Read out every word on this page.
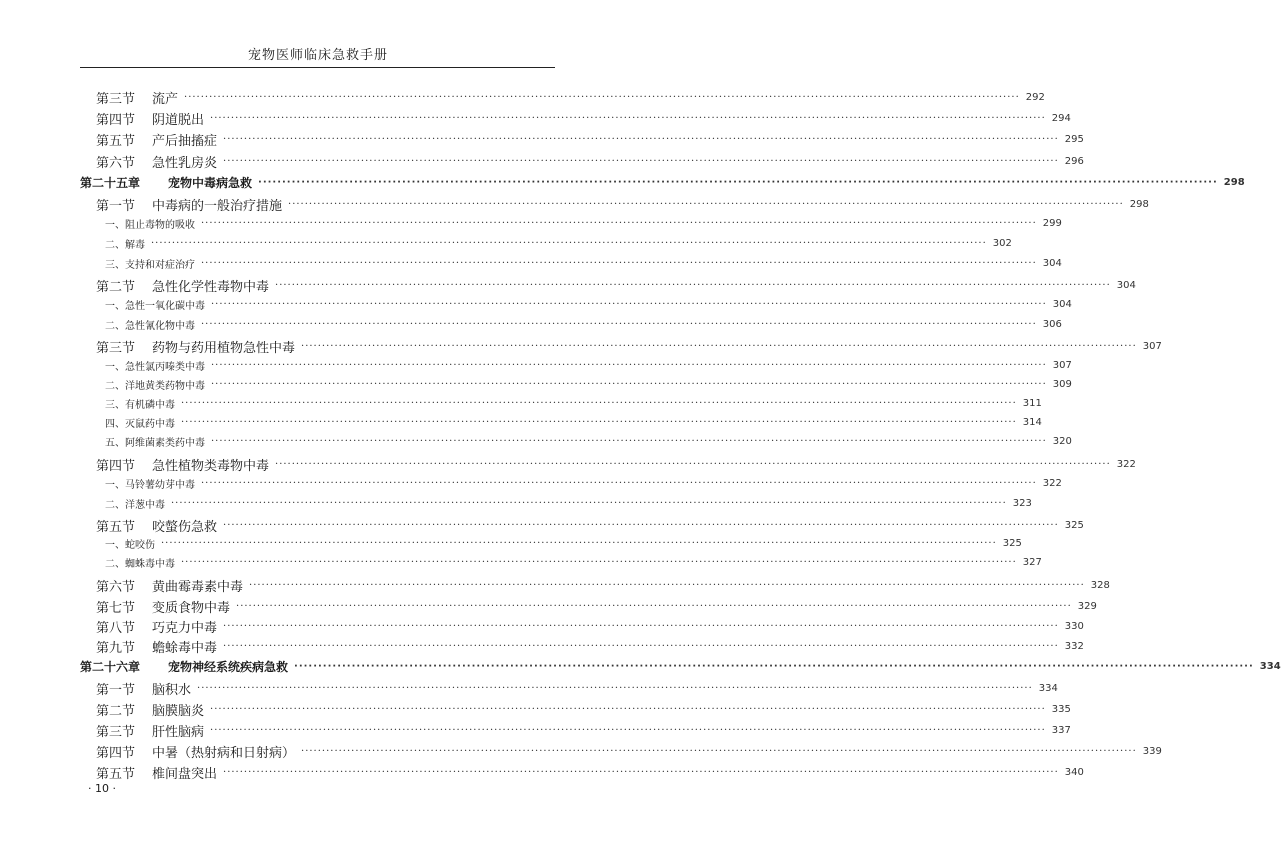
宠物医师临床急救手册
第三节 流产 ········································································································································································································ 292
第四节 阴道脱出 ········································································································································································································ 294
第五节 产后抽搐症 ········································································································································································································ 295
第六节 急性乳房炎 ········································································································································································································ 296
第二十五章 宠物中毒病急救 ········································································································································································································ 298
第一节 中毒病的一般治疗措施 ········································································································································································································ 298
一、阻止毒物的吸收 ········································································································································································································ 299
二、解毒 ········································································································································································································ 302
三、支持和对症治疗 ········································································································································································································ 304
第二节 急性化学性毒物中毒 ········································································································································································································ 304
一、急性一氧化碳中毒 ········································································································································································································ 304
二、急性氰化物中毒 ········································································································································································································ 306
第三节 药物与药用植物急性中毒 ········································································································································································································ 307
一、急性氯丙嗪类中毒 ········································································································································································································ 307
二、洋地黄类药物中毒 ········································································································································································································ 309
三、有机磷中毒 ········································································································································································································ 311
四、灭鼠药中毒 ········································································································································································································ 314
五、阿维菌素类药中毒 ········································································································································································································ 320
第四节 急性植物类毒物中毒 ········································································································································································································ 322
一、马铃薯幼芽中毒 ········································································································································································································ 322
二、洋葱中毒 ········································································································································································································ 323
第五节 咬螫伤急救 ········································································································································································································ 325
一、蛇咬伤 ········································································································································································································ 325
二、蜘蛛毒中毒 ········································································································································································································ 327
第六节 黄曲霉毒素中毒 ········································································································································································································ 328
第七节 变质食物中毒 ········································································································································································································ 329
第八节 巧克力中毒 ········································································································································································································ 330
第九节 蟾蜍毒中毒 ········································································································································································································ 332
第二十六章 宠物神经系统疾病急救 ········································································································································································································ 334
第一节 脑积水 ········································································································································································································ 334
第二节 脑膜脑炎 ········································································································································································································ 335
第三节 肝性脑病 ········································································································································································································ 337
第四节 中暑（热射病和日射病） ········································································································································································································ 339
第五节 椎间盘突出 ········································································································································································································ 340
· 10 ·
